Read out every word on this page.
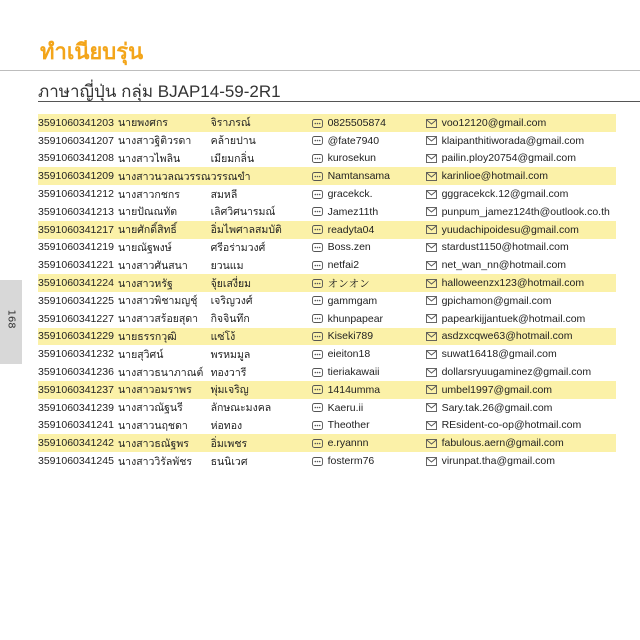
ทำเนียบรุ่น
ภาษาญี่ปุ่น กลุ่ม BJAP14-59-2R1
168
3591060341203	นายพงศกร	จิราภรณ์	0825505874	voo12120@gmail.com
3591060341207	นางสาวฐิติวรดา	คล้ายปาน	@fate7940	klaipanthitiworada@gmail.com
3591060341208	นางสาวไพลิน	เมียมกลิ่น	kurosekun	pailin.ploy20754@gmail.com
3591060341209	นางสาวนวลณวรรณ	วรรณขำ	Namtansama	karinlioe@hotmail.com
3591060341212	นางสาวกชกร	สมหลี	gracekck.	gggracekck.12@gmail.com
3591060341213	นายปัณณทัต	เลิศวิศนารมณ์	Jamez11th	punpum_jamez124th@outlook.co.th
3591060341217	นายศักดิ์สิทธิ์	อิ่มไพศาลสมบัติ	readyta04	yuudachipoidesu@gmail.com
3591060341219	นายณัฐพงษ์	ศรีอร่ามวงศ์	Boss.zen	stardust1150@hotmail.com
3591060341221	นางสาวศันสนา	ยวนแม	netfai2	net_wan_nn@hotmail.com
3591060341224	นางสาวหรัฐ	จุ้ยเสงี่ยม	オンオン	halloweenzx123@hotmail.com
3591060341225	นางสาวพิชามญชุ์	เจริญวงศ์	gammgam	gpichamon@gmail.com
3591060341227	นางสาวสร้อยสุดา	กิจจินทึก	khunpapear	papearkijjantuek@hotmail.com
3591060341229	นายธรรกวุฒิ	แซ่โง้	Kiseki789	asdzxcqwe63@hotmail.com
3591060341232	นายสุวิศน์	พรหมมูล	eieiton18	suwat16418@gmail.com
3591060341236	นางสาวธนาภาณต์	ทองวารี	tieriakawaii	dollarsryuugaminez@gmail.com
3591060341237	นางสาวอมราพร	พุ่มเจริญ	1414umma	umbel1997@gmail.com
3591060341239	นางสาวณัฐนรี	ลักษณะมงคล	Kaeru.ii	Sary.tak.26@gmail.com
3591060341241	นางสาวนฤชดา	ห่อทอง	Theother	REsident-co-op@hotmail.com
3591060341242	นางสาวธณัฐพร	อิ่มเพชร	e.ryannn	fabulous.aern@gmail.com
3591060341245	นางสาววิรัลพัชร	ธนนิเวศ	fosterm76	virunpat.tha@gmail.com
